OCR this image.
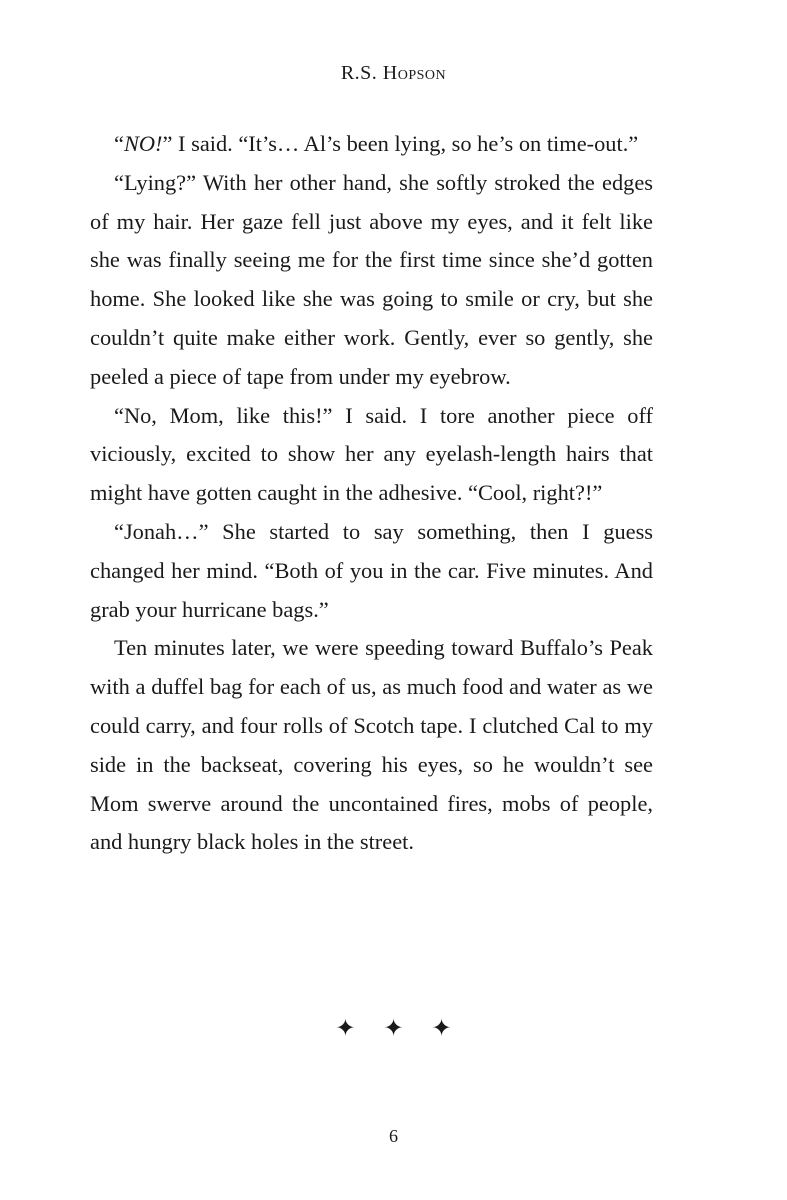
R.S. Hopson

“NO!” I said. “It’s… Al’s been lying, so he’s on time-out.”

“Lying?” With her other hand, she softly stroked the edges of my hair. Her gaze fell just above my eyes, and it felt like she was finally seeing me for the first time since she’d gotten home. She looked like she was going to smile or cry, but she couldn’t quite make either work. Gently, ever so gently, she peeled a piece of tape from under my eyebrow.

“No, Mom, like this!” I said. I tore another piece off viciously, excited to show her any eyelash-length hairs that might have gotten caught in the adhesive. “Cool, right?!”

“Jonah…” She started to say something, then I guess changed her mind. “Both of you in the car. Five minutes. And grab your hurricane bags.”

Ten minutes later, we were speeding toward Buffalo’s Peak with a duffel bag for each of us, as much food and water as we could carry, and four rolls of Scotch tape. I clutched Cal to my side in the backseat, covering his eyes, so he wouldn’t see Mom swerve around the uncontained fires, mobs of people, and hungry black holes in the street.

✦ ✦ ✦
6
